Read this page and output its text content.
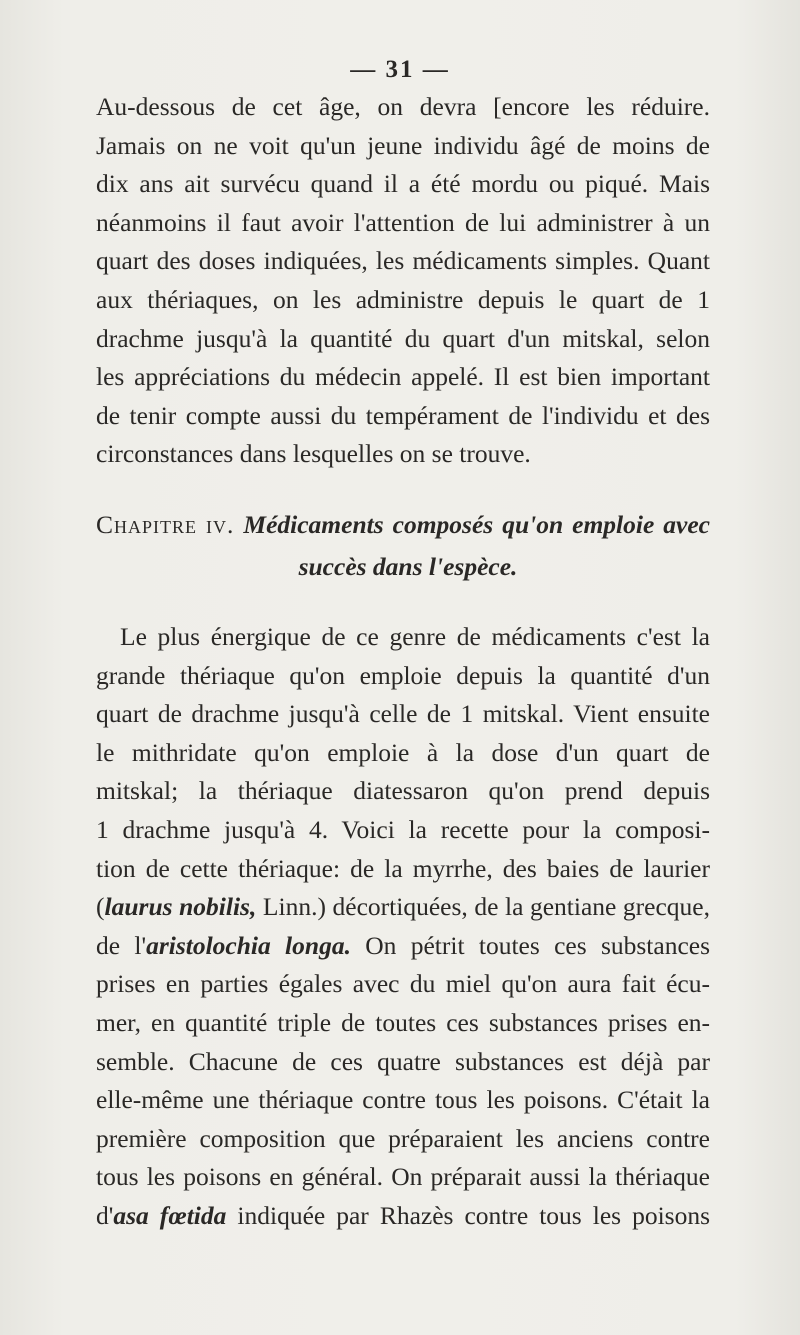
— 31 —
Au-dessous de cet âge, on devra [encore les réduire.
Jamais on ne voit qu'un jeune individu âgé de moins de
dix ans ait survécu quand il a été mordu ou piqué. Mais
néanmoins il faut avoir l'attention de lui administrer à un
quart des doses indiquées, les médicaments simples. Quant
aux thériaques, on les administre depuis le quart de 1
drachme jusqu'à la quantité du quart d'un mitskal, selon
les appréciations du médecin appelé. Il est bien important
de tenir compte aussi du tempérament de l'individu et des
circonstances dans lesquelles on se trouve.
Chapitre iv. Médicaments composés qu'on emploie avec
succès dans l'espèce.
Le plus énergique de ce genre de médicaments c'est la
grande thériaque qu'on emploie depuis la quantité d'un
quart de drachme jusqu'à celle de 1 mitskal. Vient ensuite
le mithridate qu'on emploie à la dose d'un quart de
mitskal; la thériaque diatessaron qu'on prend depuis
1 drachme jusqu'à 4. Voici la recette pour la composi-
tion de cette thériaque: de la myrrhe, des baies de laurier
(laurus nobilis, Linn.) décortiquées, de la gentiane grecque,
de l'aristolochia longa. On pétrit toutes ces substances
prises en parties égales avec du miel qu'on aura fait écu-
mer, en quantité triple de toutes ces substances prises en-
semble. Chacune de ces quatre substances est déjà par
elle-même une thériaque contre tous les poisons. C'était la
première composition que préparaient les anciens contre
tous les poisons en général. On préparait aussi la thériaque
d'asa fœtida indiquée par Rhazès contre tous les poisons
